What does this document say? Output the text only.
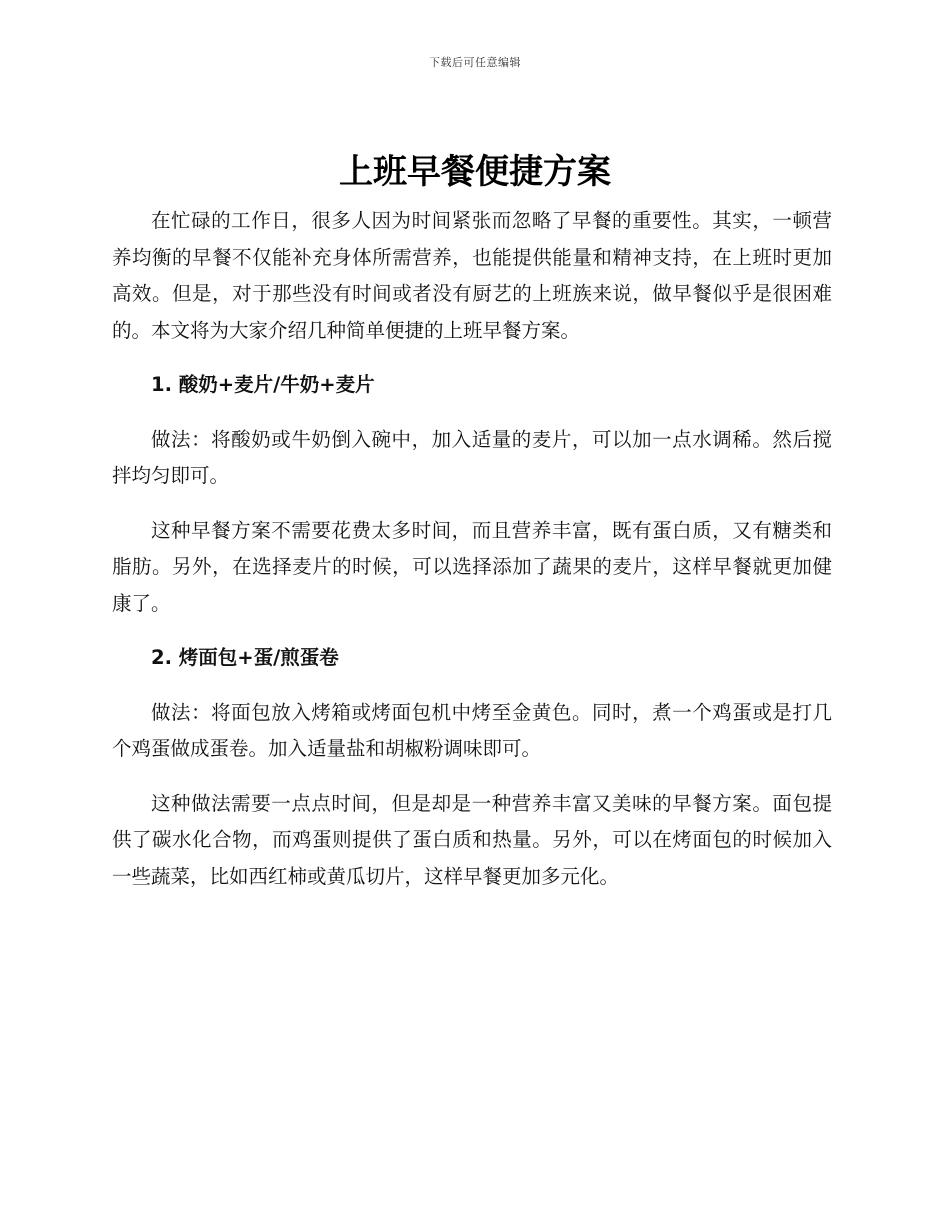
下载后可任意编辑
上班早餐便捷方案

在忙碌的工作日，很多人因为时间紧张而忽略了早餐的重要性。其实，一顿营养均衡的早餐不仅能补充身体所需营养，也能提供能量和精神支持，在上班时更加高效。但是，对于那些没有时间或者没有厨艺的上班族来说，做早餐似乎是很困难的。本文将为大家介绍几种简单便捷的上班早餐方案。

1. 酸奶+麦片/牛奶+麦片

做法：将酸奶或牛奶倒入碗中，加入适量的麦片，可以加一点水调稀。然后搅拌均匀即可。

这种早餐方案不需要花费太多时间，而且营养丰富，既有蛋白质，又有糖类和脂肪。另外，在选择麦片的时候，可以选择添加了蔬果的麦片，这样早餐就更加健康了。

2. 烤面包+蛋/煎蛋卷

做法：将面包放入烤箱或烤面包机中烤至金黄色。同时，煮一个鸡蛋或是打几个鸡蛋做成蛋卷。加入适量盐和胡椒粉调味即可。

这种做法需要一点点时间，但是却是一种营养丰富又美味的早餐方案。面包提供了碳水化合物，而鸡蛋则提供了蛋白质和热量。另外，可以在烤面包的时候加入一些蔬菜，比如西红柿或黄瓜切片，这样早餐更加多元化。
